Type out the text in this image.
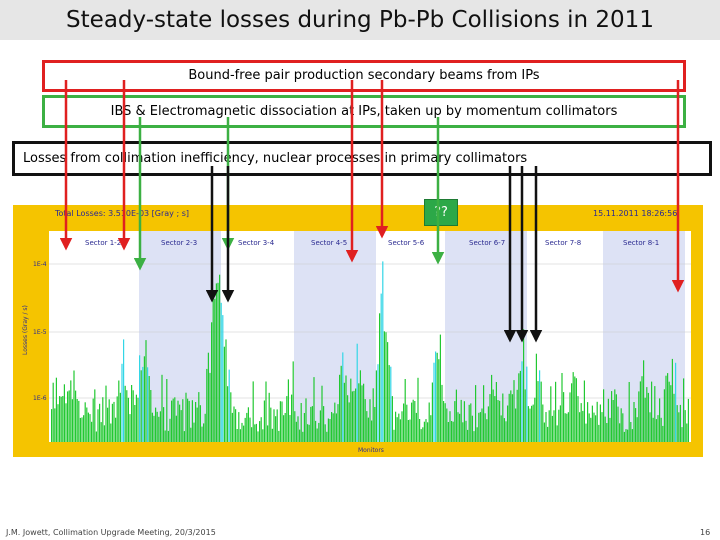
Steady-state losses during Pb-Pb Collisions in 2011
Bound-free pair production secondary beams from IPs
IBS & Electromagnetic dissociation at IPs, taken up by momentum collimators
Losses from collimation inefficiency, nuclear processes in primary collimators
Total Losses: 3.510E-03 [Gray ; s]	15.11.2011 18:26:56
Sector 1-2	Sector 2-3	Sector 3-4	Sector 4-5	Sector 5-6	Sector 6-7	Sector 7-8	Sector 8-1
1E-4
1E-5
1E-6
Losses (Gray / s)
Monitors
??
J.M. Jowett, Collimation Upgrade Meeting, 20/3/2015	16
